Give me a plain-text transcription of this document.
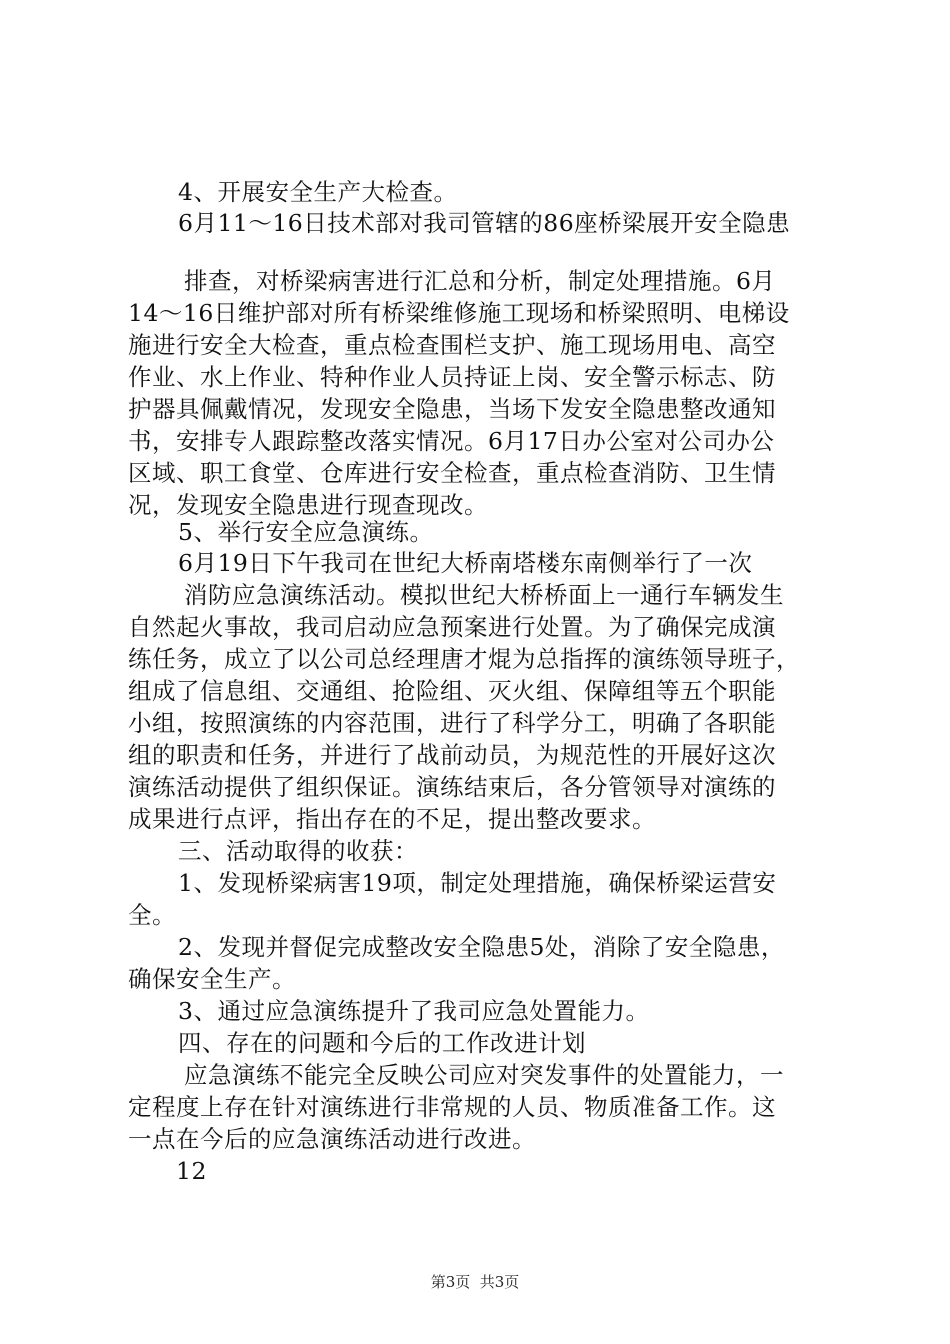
4、开展安全生产大检查。
6月11～16日技术部对我司管辖的86座桥梁展开安全隐患
排查，对桥梁病害进行汇总和分析，制定处理措施。6月
14～16日维护部对所有桥梁维修施工现场和桥梁照明、电梯设
施进行安全大检查，重点检查围栏支护、施工现场用电、高空
作业、水上作业、特种作业人员持证上岗、安全警示标志、防
护器具佩戴情况，发现安全隐患，当场下发安全隐患整改通知
书，安排专人跟踪整改落实情况。6月17日办公室对公司办公
区域、职工食堂、仓库进行安全检查，重点检查消防、卫生情
况，发现安全隐患进行现查现改。
5、举行安全应急演练。
6月19日下午我司在世纪大桥南塔楼东南侧举行了一次
消防应急演练活动。模拟世纪大桥桥面上一通行车辆发生
自然起火事故，我司启动应急预案进行处置。为了确保完成演
练任务，成立了以公司总经理唐才焜为总指挥的演练领导班子，
组成了信息组、交通组、抢险组、灭火组、保障组等五个职能
小组，按照演练的内容范围，进行了科学分工，明确了各职能
组的职责和任务，并进行了战前动员，为规范性的开展好这次
演练活动提供了组织保证。演练结束后，各分管领导对演练的
成果进行点评，指出存在的不足，提出整改要求。
三、活动取得的收获：
1、发现桥梁病害19项，制定处理措施，确保桥梁运营安
全。
2、发现并督促完成整改安全隐患5处，消除了安全隐患，
确保安全生产。
3、通过应急演练提升了我司应急处置能力。
四、存在的问题和今后的工作改进计划
应急演练不能完全反映公司应对突发事件的处置能力，一
定程度上存在针对演练进行非常规的人员、物质准备工作。这
一点在今后的应急演练活动进行改进。
12
第3页  共3页
